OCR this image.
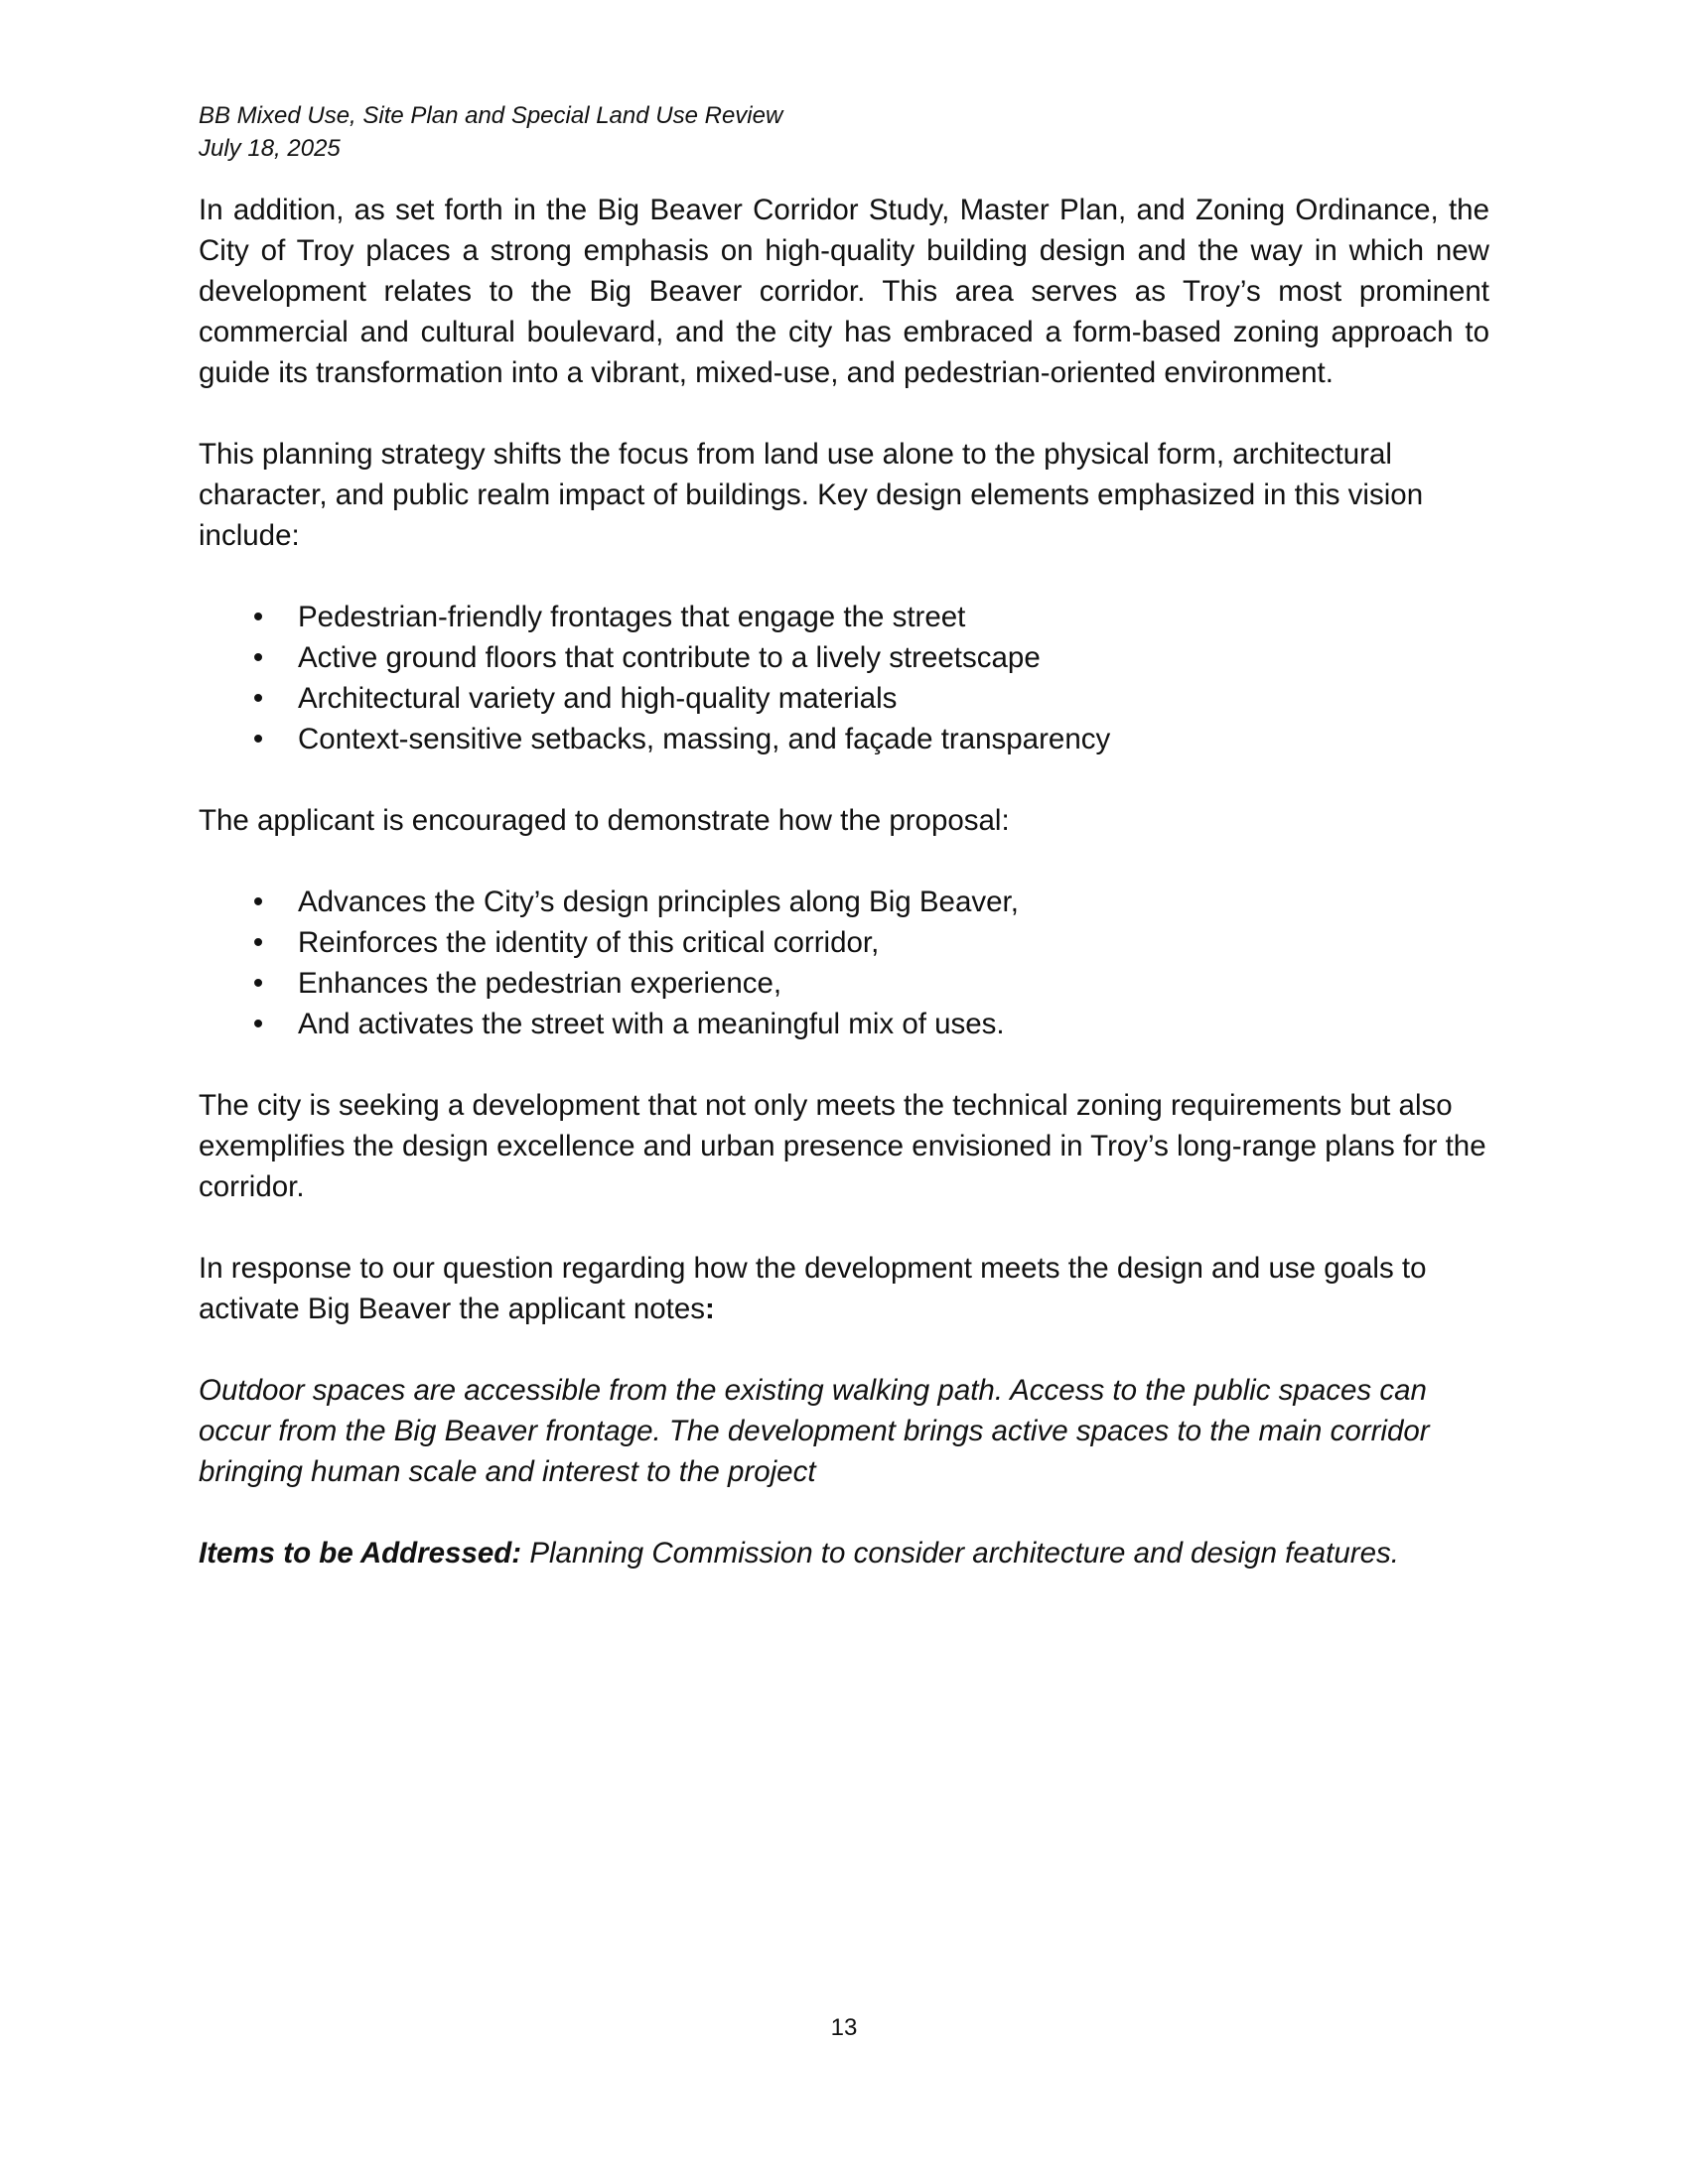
BB Mixed Use, Site Plan and Special Land Use Review

July 18, 2025

In addition, as set forth in the Big Beaver Corridor Study, Master Plan, and Zoning Ordinance, the City of Troy places a strong emphasis on high-quality building design and the way in which new development relates to the Big Beaver corridor. This area serves as Troy’s most prominent commercial and cultural boulevard, and the city has embraced a form-based zoning approach to guide its transformation into a vibrant, mixed-use, and pedestrian-oriented environment.

This planning strategy shifts the focus from land use alone to the physical form, architectural character, and public realm impact of buildings. Key design elements emphasized in this vision include:

• Pedestrian-friendly frontages that engage the street
• Active ground floors that contribute to a lively streetscape
• Architectural variety and high-quality materials
• Context-sensitive setbacks, massing, and façade transparency

The applicant is encouraged to demonstrate how the proposal:

• Advances the City’s design principles along Big Beaver,
• Reinforces the identity of this critical corridor,
• Enhances the pedestrian experience,
• And activates the street with a meaningful mix of uses.

The city is seeking a development that not only meets the technical zoning requirements but also exemplifies the design excellence and urban presence envisioned in Troy’s long-range plans for the corridor.

In response to our question regarding how the development meets the design and use goals to activate Big Beaver the applicant notes:

Outdoor spaces are accessible from the existing walking path. Access to the public spaces can occur from the Big Beaver frontage. The development brings active spaces to the main corridor bringing human scale and interest to the project

Items to be Addressed: Planning Commission to consider architecture and design features.

13
